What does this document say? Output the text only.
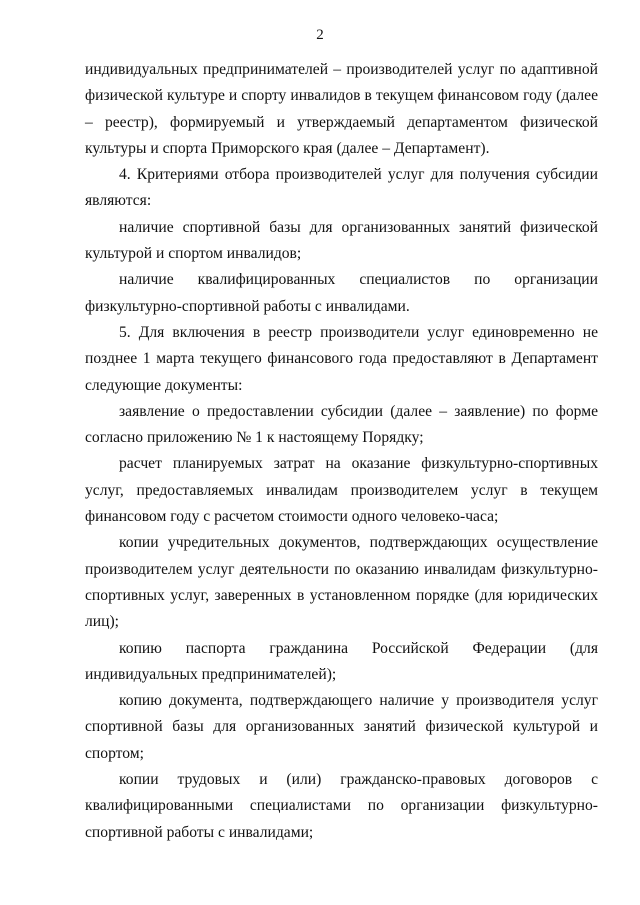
2

индивидуальных предпринимателей – производителей услуг по адаптивной физической культуре и спорту инвалидов в текущем финансовом году (далее – реестр), формируемый и утверждаемый департаментом физической культуры и спорта Приморского края (далее – Департамент).

4. Критериями отбора производителей услуг для получения субсидии являются:

наличие спортивной базы для организованных занятий физической культурой и спортом инвалидов;

наличие квалифицированных специалистов по организации физкультурно-спортивной работы с инвалидами.

5. Для включения в реестр производители услуг единовременно не позднее 1 марта текущего финансового года предоставляют в Департамент следующие документы:

заявление о предоставлении субсидии (далее – заявление) по форме согласно приложению № 1 к настоящему Порядку;

расчет планируемых затрат на оказание физкультурно-спортивных услуг, предоставляемых инвалидам производителем услуг в текущем финансовом году с расчетом стоимости одного человеко-часа;

копии учредительных документов, подтверждающих осуществление производителем услуг деятельности по оказанию инвалидам физкультурно-спортивных услуг, заверенных в установленном порядке (для юридических лиц);

копию паспорта гражданина Российской Федерации (для индивидуальных предпринимателей);

копию документа, подтверждающего наличие у производителя услуг спортивной базы для организованных занятий физической культурой и спортом;

копии трудовых и (или) гражданско-правовых договоров с квалифицированными специалистами по организации физкультурно-спортивной работы с инвалидами;
